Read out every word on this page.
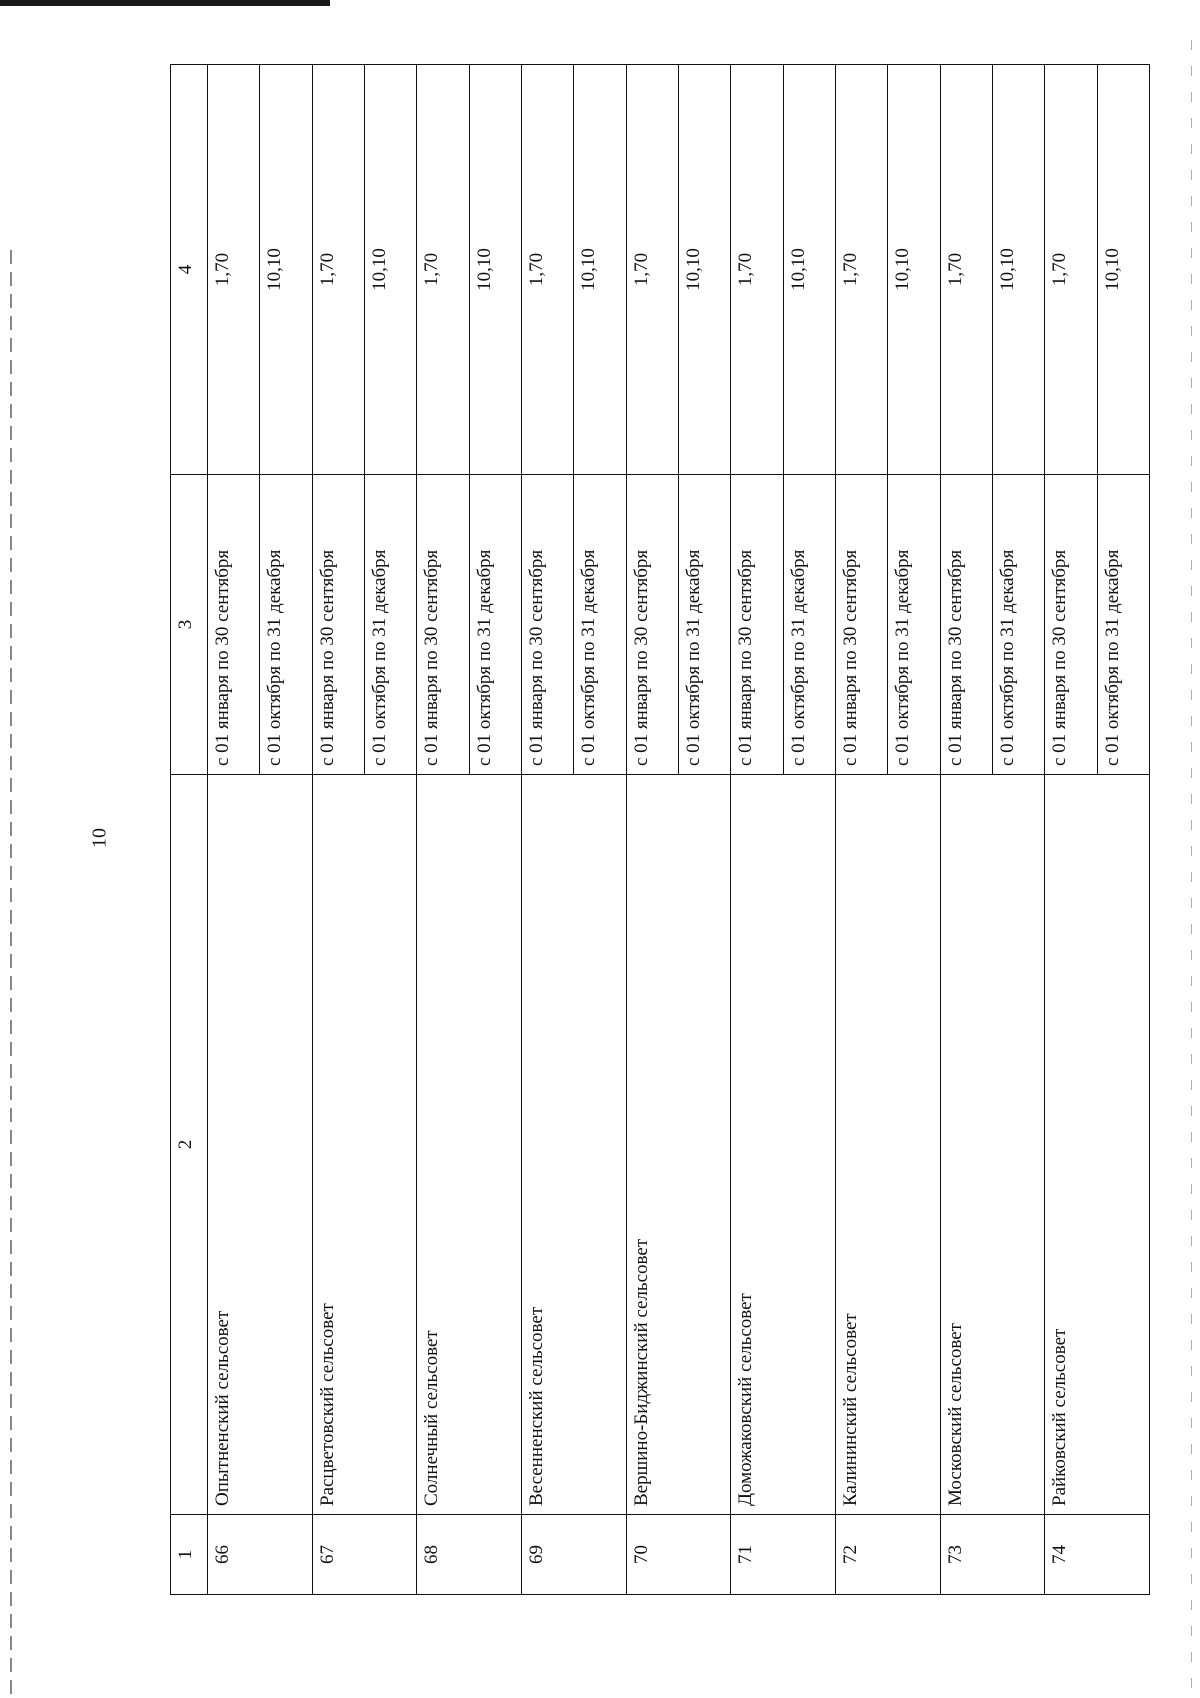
10
1	2	3	4
66	Опытненский сельсовет	с 01 января по 30 сентября	1,70
		с 01 октября по 31 декабря	10,10
67	Расцветовский сельсовет	с 01 января по 30 сентября	1,70
		с 01 октября по 31 декабря	10,10
68	Солнечный сельсовет	с 01 января по 30 сентября	1,70
		с 01 октября по 31 декабря	10,10
69	Весенненский сельсовет	с 01 января по 30 сентября	1,70
		с 01 октября по 31 декабря	10,10
70	Вершино-Биджинский сельсовет	с 01 января по 30 сентября	1,70
		с 01 октября по 31 декабря	10,10
71	Доможаковский сельсовет	с 01 января по 30 сентября	1,70
		с 01 октября по 31 декабря	10,10
72	Калининский сельсовет	с 01 января по 30 сентября	1,70
		с 01 октября по 31 декабря	10,10
73	Московский сельсовет	с 01 января по 30 сентября	1,70
		с 01 октября по 31 декабря	10,10
74	Райковский сельсовет	с 01 января по 30 сентября	1,70
		с 01 октября по 31 декабря	10,10
